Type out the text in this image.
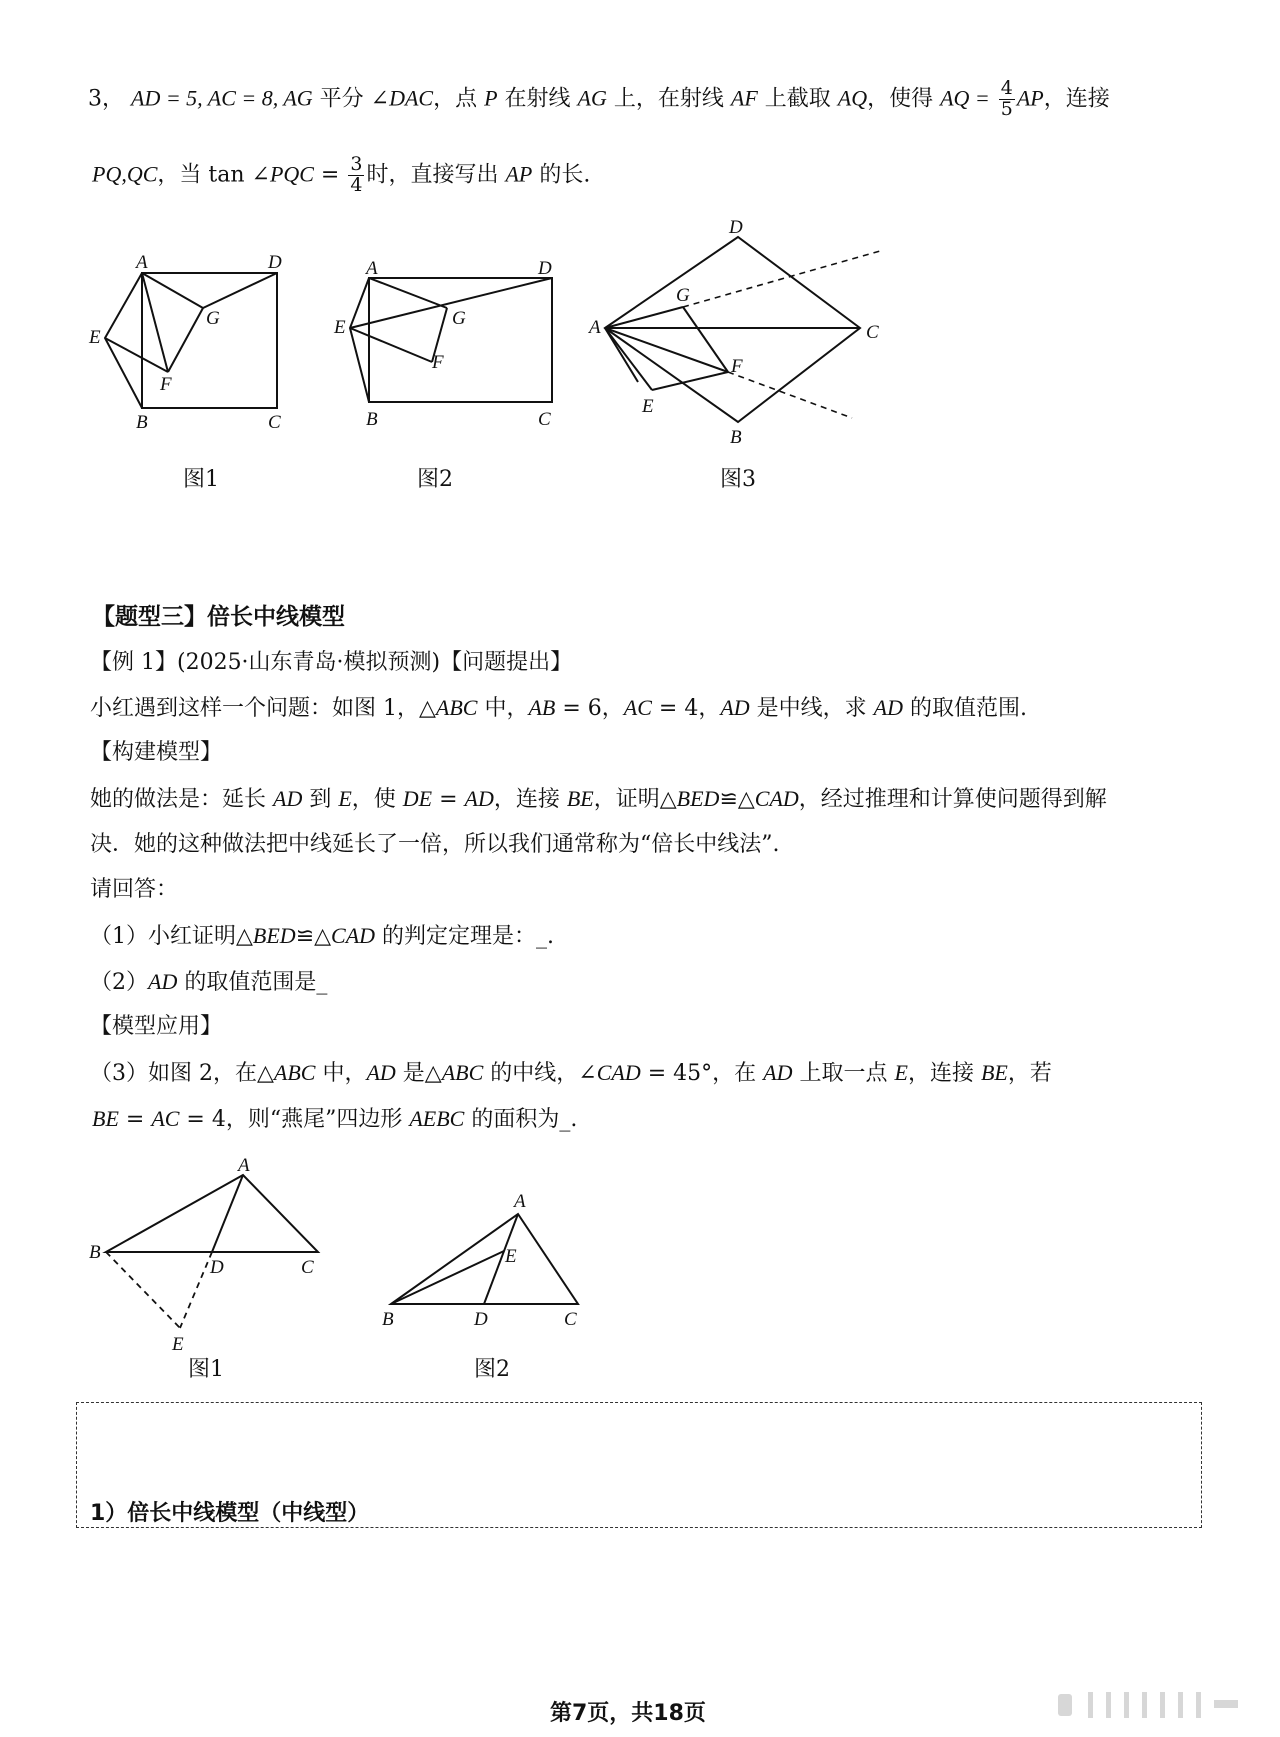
3， AD = 5, AC = 8, AG 平分 ∠DAC，点 P 在射线 AG 上，在射线 AF 上截取 AQ，使得 AQ = $\frac{4}{5}$ AP，连接
PQ,QC，当 tan ∠PQC = $\frac{3}{4}$ 时，直接写出 AP 的长.
A	D
E
G
F
B	C
A	D
E	G
F
B	C
D
G
A	C
F
E
B
图1	图2	图3
【题型三】倍长中线模型
【例 1】(2025·山东青岛·模拟预测)【问题提出】
小红遇到这样一个问题：如图 1，△ABC 中，AB = 6，AC = 4，AD 是中线，求 AD 的取值范围.
【构建模型】
她的做法是：延长 AD 到 E，使 DE = AD，连接 BE，证明△BED≌△CAD，经过推理和计算使问题得到解
决．她的这种做法把中线延长了一倍，所以我们通常称为“倍长中线法”.
请回答：
（1）小红证明△BED≌△CAD 的判定定理是：_.
（2）AD 的取值范围是_
【模型应用】
（3）如图 2，在△ABC 中，AD 是△ABC 的中线，∠CAD = 45°，在 AD 上取一点 E，连接 BE，若
BE = AC = 4，则“燕尾”四边形 AEBC 的面积为_.
A
B
D	C
E
A
E
B	D	C
图1	图2
1）倍长中线模型（中线型）
第7页，共18页
